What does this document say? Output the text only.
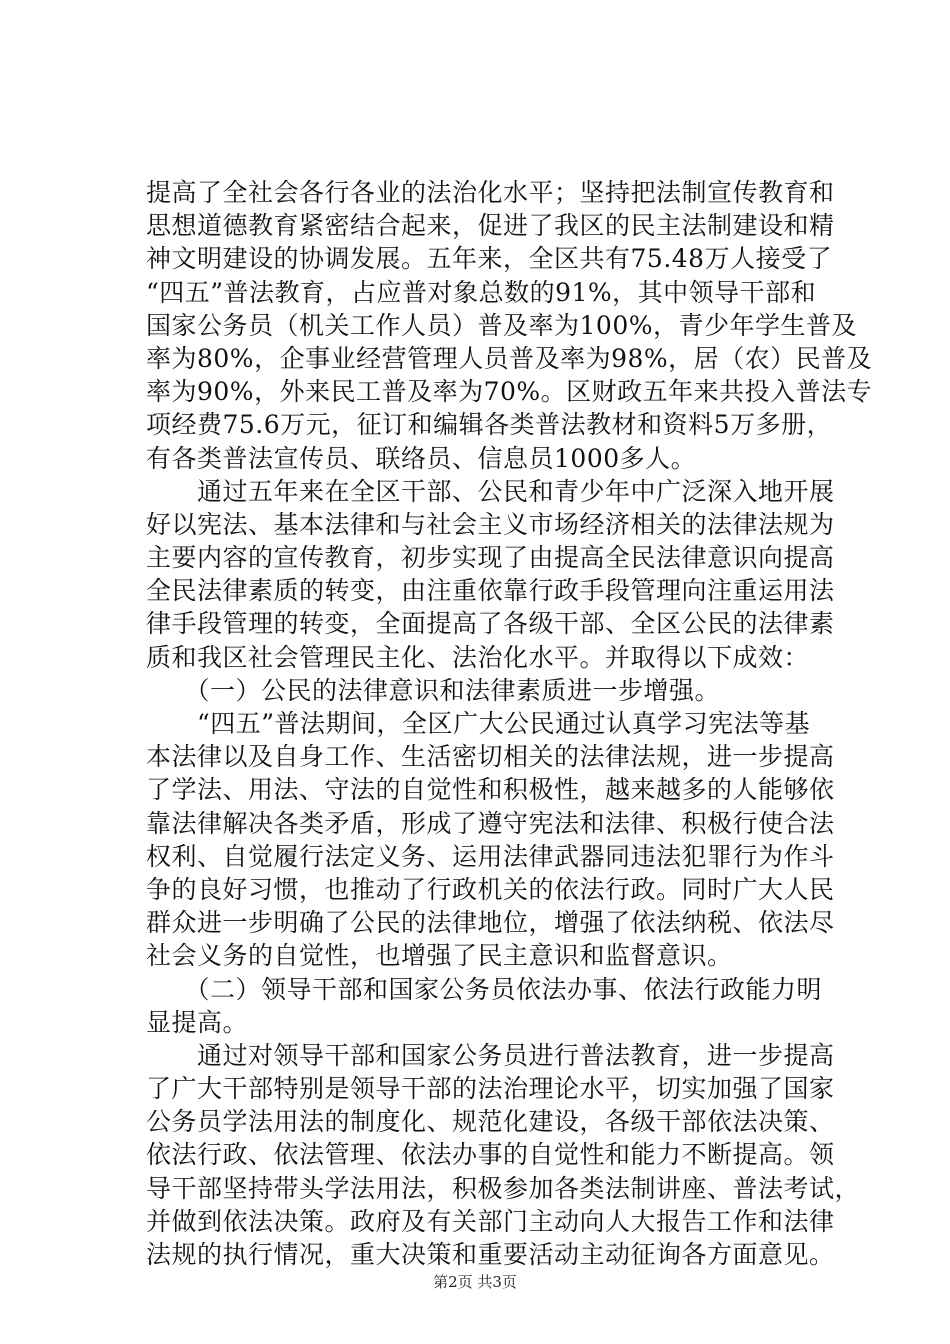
提高了全社会各行各业的法治化水平；坚持把法制宣传教育和
思想道德教育紧密结合起来，促进了我区的民主法制建设和精
神文明建设的协调发展。五年来，全区共有75.48万人接受了
“四五”普法教育，占应普对象总数的91%，其中领导干部和
国家公务员（机关工作人员）普及率为100%，青少年学生普及
率为80%，企事业经营管理人员普及率为98%，居（农）民普及
率为90%，外来民工普及率为70%。区财政五年来共投入普法专
项经费75.6万元，征订和编辑各类普法教材和资料5万多册，
有各类普法宣传员、联络员、信息员1000多人。
　　通过五年来在全区干部、公民和青少年中广泛深入地开展
好以宪法、基本法律和与社会主义市场经济相关的法律法规为
主要内容的宣传教育，初步实现了由提高全民法律意识向提高
全民法律素质的转变，由注重依靠行政手段管理向注重运用法
律手段管理的转变，全面提高了各级干部、全区公民的法律素
质和我区社会管理民主化、法治化水平。并取得以下成效：
　　（一）公民的法律意识和法律素质进一步增强。
　　“四五”普法期间，全区广大公民通过认真学习宪法等基
本法律以及自身工作、生活密切相关的法律法规，进一步提高
了学法、用法、守法的自觉性和积极性，越来越多的人能够依
靠法律解决各类矛盾，形成了遵守宪法和法律、积极行使合法
权利、自觉履行法定义务、运用法律武器同违法犯罪行为作斗
争的良好习惯，也推动了行政机关的依法行政。同时广大人民
群众进一步明确了公民的法律地位，增强了依法纳税、依法尽
社会义务的自觉性，也增强了民主意识和监督意识。
　　（二）领导干部和国家公务员依法办事、依法行政能力明
显提高。
　　通过对领导干部和国家公务员进行普法教育，进一步提高
了广大干部特别是领导干部的法治理论水平，切实加强了国家
公务员学法用法的制度化、规范化建设，各级干部依法决策、
依法行政、依法管理、依法办事的自觉性和能力不断提高。领
导干部坚持带头学法用法，积极参加各类法制讲座、普法考试，
并做到依法决策。政府及有关部门主动向人大报告工作和法律
法规的执行情况，重大决策和重要活动主动征询各方面意见。
第2页 共3页
